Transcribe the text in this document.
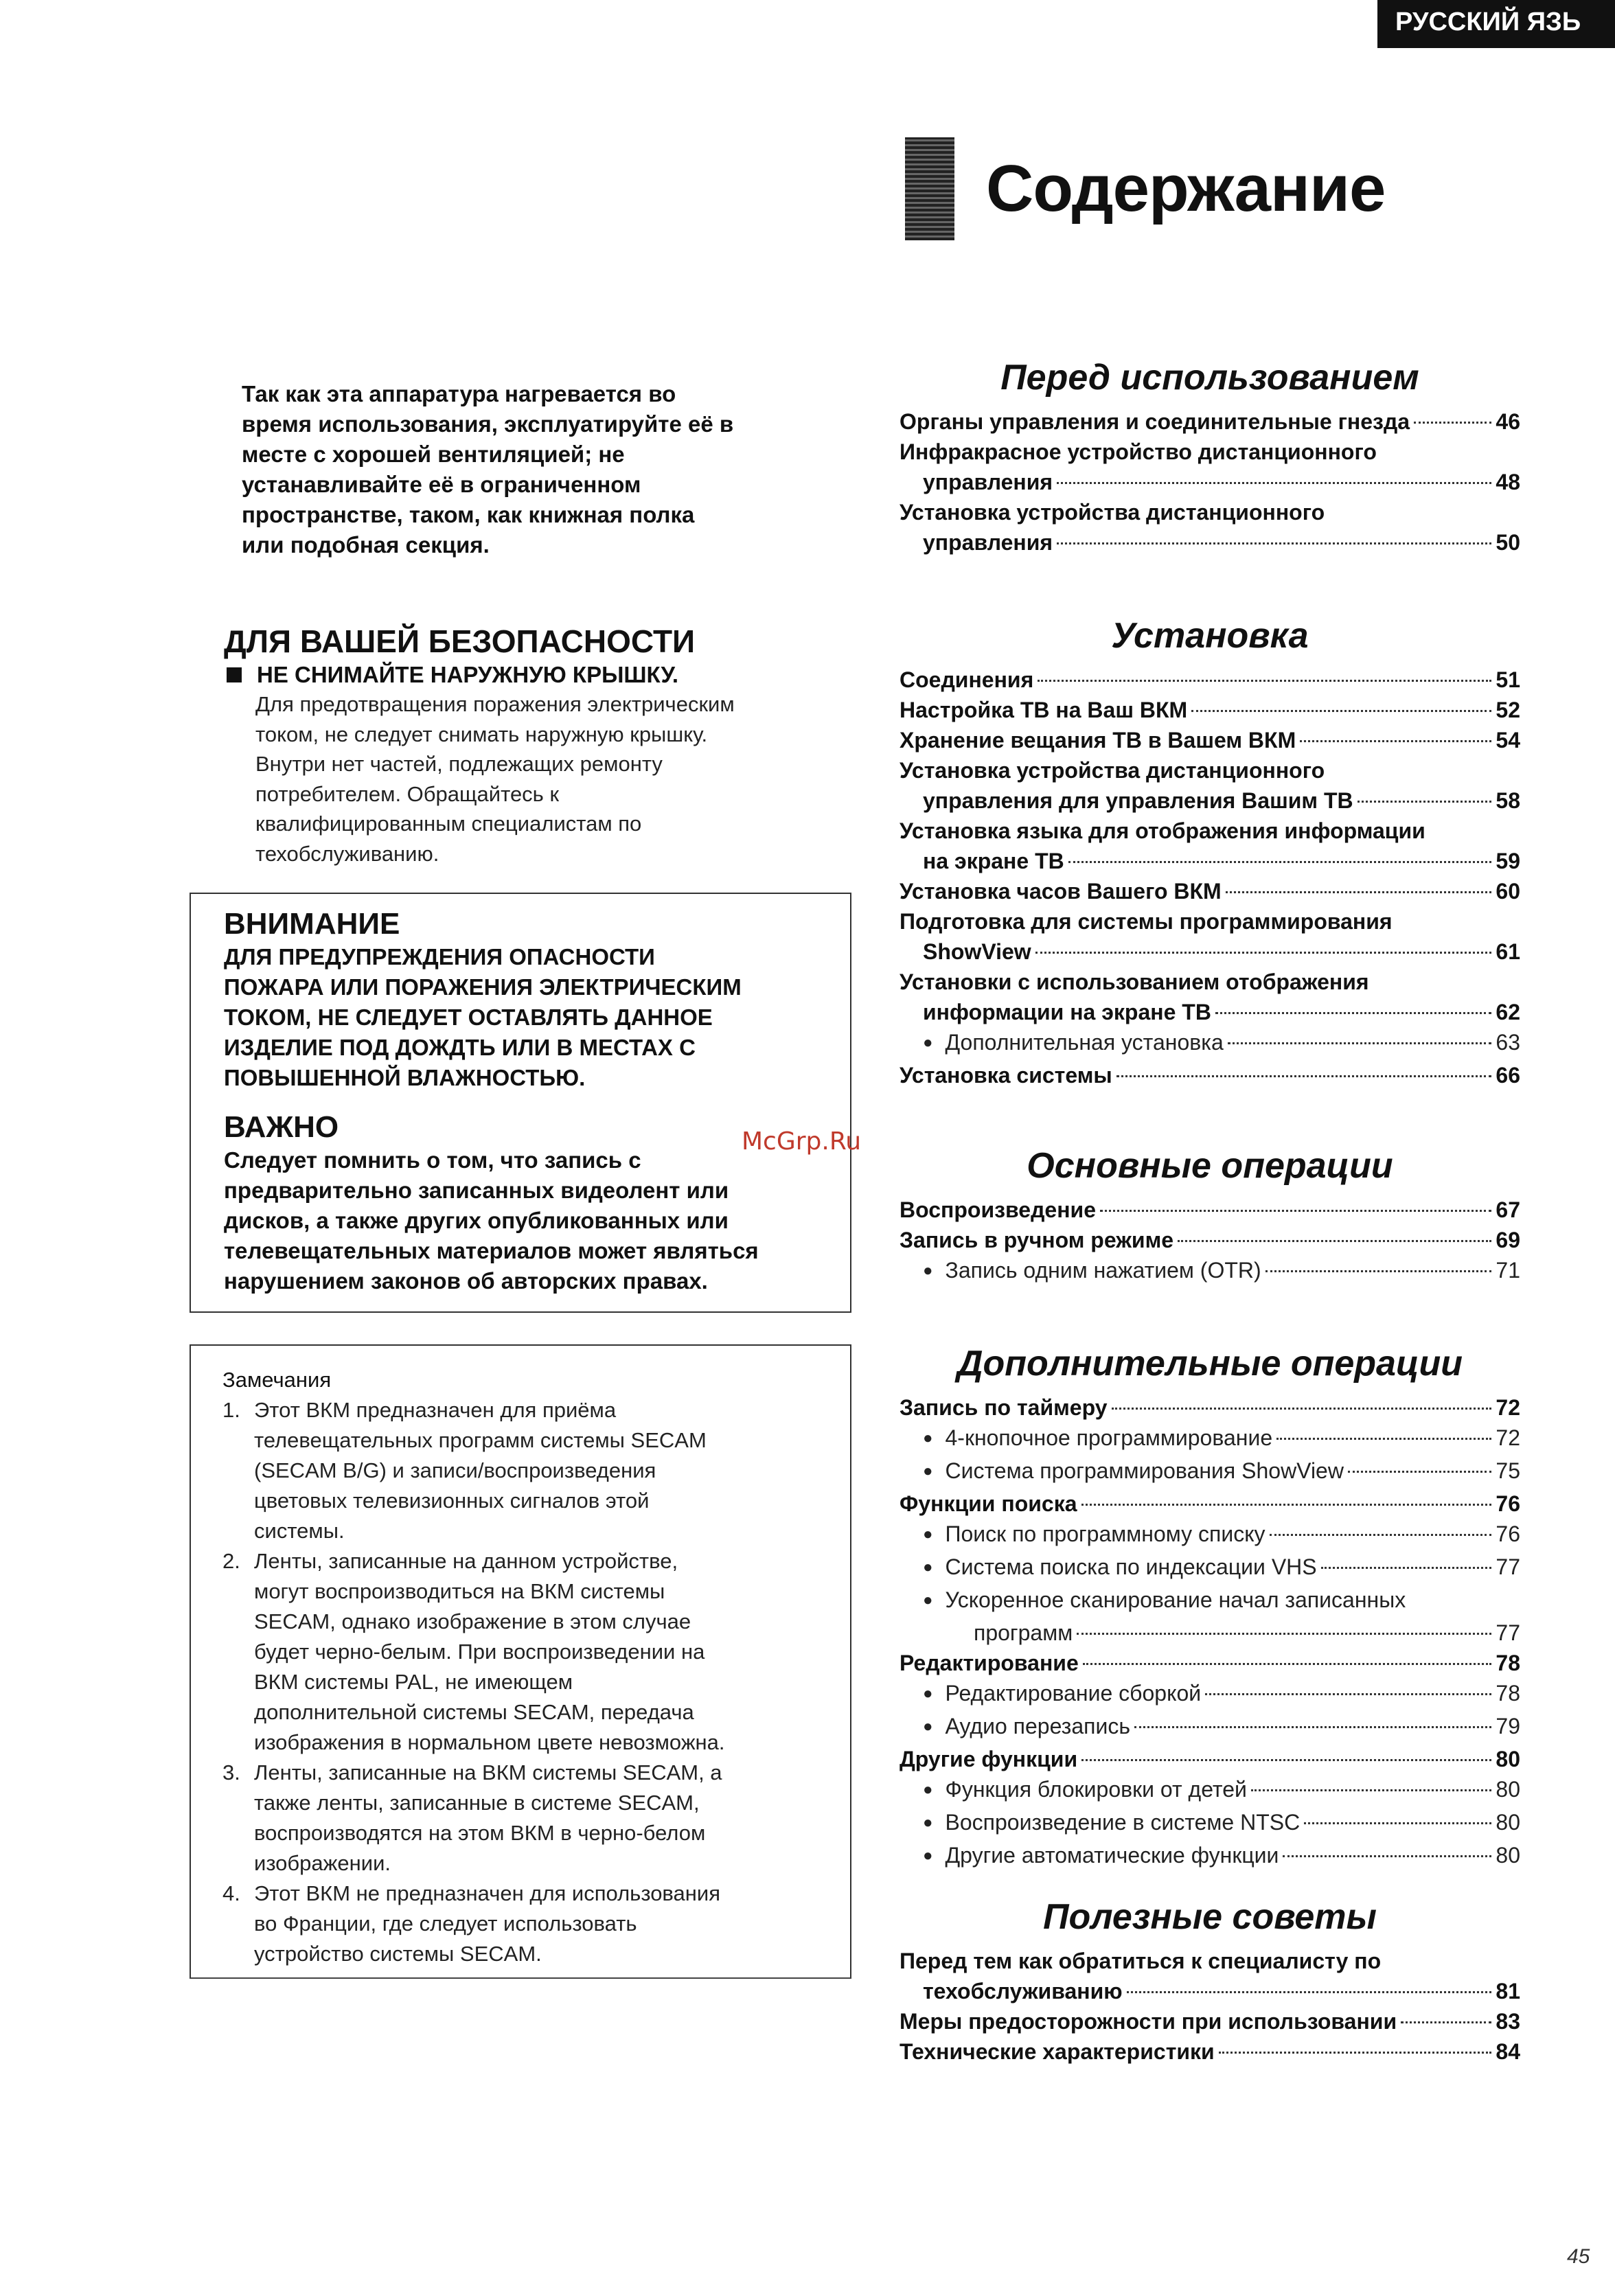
РУССКИЙ ЯЗЬ
Содержание
Так как эта аппаратура нагревается во
время использования, эксплуатируйте её в
месте с хорошей вентиляцией; не
устанавливайте её в ограниченном
пространстве, таком, как книжная полка
или подобная секция.
ДЛЯ ВАШЕЙ БЕЗОПАСНОСТИ
НЕ СНИМАЙТЕ НАРУЖНУЮ КРЫШКУ.
Для предотвращения поражения электрическим
током, не следует снимать наружную крышку.
Внутри нет частей, подлежащих ремонту
потребителем. Обращайтесь к
квалифицированным специалистам по
техобслуживанию.
ВНИМАНИЕ
ДЛЯ ПРЕДУПРЕЖДЕНИЯ ОПАСНОСТИ
ПОЖАРА ИЛИ ПОРАЖЕНИЯ ЭЛЕКТРИЧЕСКИМ
ТОКОМ, НЕ СЛЕДУЕТ ОСТАВЛЯТЬ ДАННОЕ
ИЗДЕЛИЕ ПОД ДОЖДТЬ ИЛИ В МЕСТАХ С
ПОВЫШЕННОЙ ВЛАЖНОСТЬЮ.
ВАЖНО
Следует помнить о том, что запись с
предварительно записанных видеолент или
дисков, а также других опубликованных или
телевещательных материалов может являться
нарушением законов об авторских правах.
Замечания
1. Этот ВКМ предназначен для приёма
телевещательных программ системы SECAM
(SECAM B/G) и записи/воспроизведения
цветовых телевизионных сигналов этой
системы.
2. Ленты, записанные на данном устройстве,
могут воспроизводиться на ВКМ системы
SECAM, однако изображение в этом случае
будет черно-белым. При воспроизведении на
ВКМ системы PAL, не имеющем
дополнительной системы SECAM, передача
изображения в нормальном цвете невозможна.
3. Ленты, записанные на ВКМ системы SECAM, а
также ленты, записанные в системе SECAM,
воспроизводятся на этом ВКМ в черно-белом
изображении.
4. Этот ВКМ не предназначен для использования
во Франции, где следует использовать
устройство системы SECAM.
McGrp.Ru
Перед использованием
Органы управления и соединительные гнезда	46
Инфракрасное устройство дистанционного
управления	48
Установка устройства дистанционного
управления	50
Установка
Соединения	51
Настройка ТВ на Ваш ВКМ	52
Хранение вещания ТВ в Вашем ВКМ	54
Установка устройства дистанционного
управления для управления Вашим ТВ	58
Установка языка для отображения информации
на экране ТВ	59
Установка часов Вашего ВКМ	60
Подготовка для системы программирования
ShowView	61
Установки с использованием отображения
информации на экране ТВ	62
● Дополнительная установка	63
Установка системы	66
Основные операции
Воспроизведение	67
Запись в ручном режиме	69
● Запись одним нажатием (OTR)	71
Дополнительные операции
Запись по таймеру	72
● 4-кнопочное программирование	72
● Система программирования ShowView	75
Функции поиска	76
● Поиск по программному списку	76
● Система поиска по индексации VHS	77
● Ускоренное сканирование начал записанных
программ	77
Редактирование	78
● Редактирование сборкой	78
● Аудио перезапись	79
Другие функции	80
● Функция блокировки от детей	80
● Воспроизведение в системе NTSC	80
● Другие автоматические функции	80
Полезные советы
Перед тем как обратиться к специалисту по
техобслуживанию	81
Меры предосторожности при использовании	83
Технические характеристики	84
45
